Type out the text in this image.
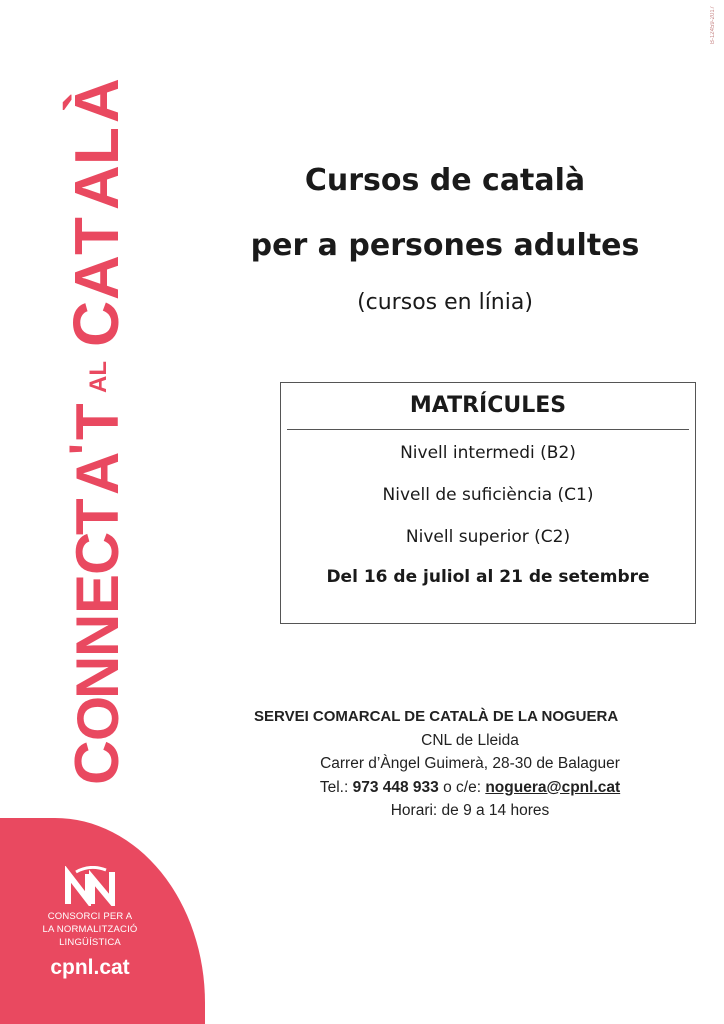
B-12459-2017
C
O
N
N
E
C
T
A
'
T
AL
C
A
T
A
L
À
Cursos de català
per a persones adultes
(cursos en línia)
MATRÍCULES
Nivell intermedi (B2)
Nivell de suficiència (C1)
Nivell superior (C2)
Del 16 de juliol al 21 de setembre
SERVEI COMARCAL DE CATALÀ DE LA NOGUERA
CNL de Lleida
Carrer d’Àngel Guimerà, 28-30 de Balaguer
Tel.: 973 448 933 o c/e: noguera@cpnl.cat
Horari: de 9 a 14 hores
CONSORCI PER A
LA NORMALITZACIÓ
LINGÜÍSTICA
cpnl.cat
